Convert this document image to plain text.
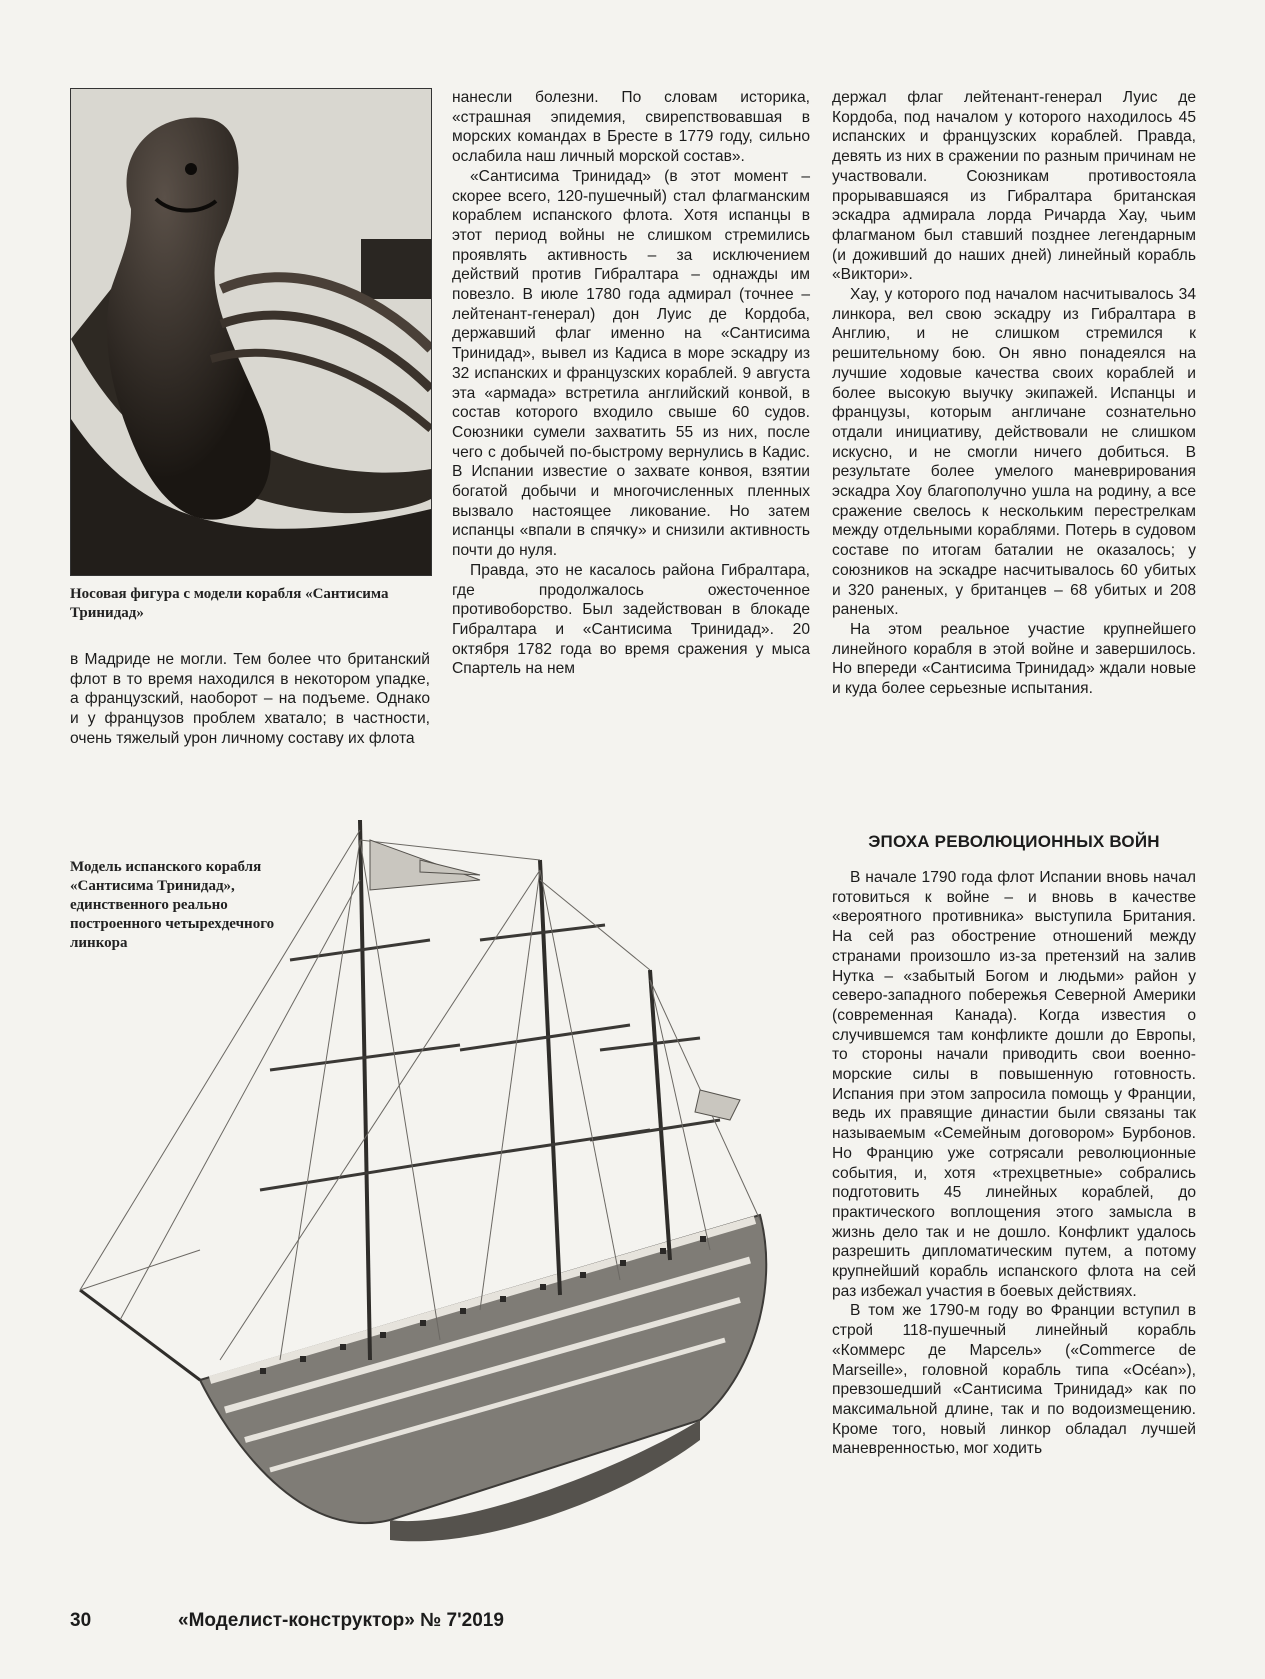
Носовая фигура с модели корабля «Сантисима Тринидад»

в Мадриде не могли. Тем более что британский флот в то время находился в некотором упадке, а французский, наоборот – на подъеме. Однако и у французов проблем хватало; в частности, очень тяжелый урон личному составу их флота

нанесли болезни. По словам историка, «страшная эпидемия, свирепствовавшая в морских командах в Бресте в 1779 году, сильно ослабила наш личный морской состав».

«Сантисима Тринидад» (в этот момент – скорее всего, 120-пушечный) стал флагманским кораблем испанского флота. Хотя испанцы в этот период войны не слишком стремились проявлять активность – за исключением действий против Гибралтара – однажды им повезло. В июле 1780 года адмирал (точнее – лейтенант-генерал) дон Луис де Кордоба, державший флаг именно на «Сантисима Тринидад», вывел из Кадиса в море эскадру из 32 испанских и французских кораблей. 9 августа эта «армада» встретила английский конвой, в состав которого входило свыше 60 судов. Союзники сумели захватить 55 из них, после чего с добычей по-быстрому вернулись в Кадис. В Испании известие о захвате конвоя, взятии богатой добычи и многочисленных пленных вызвало настоящее ликование. Но затем испанцы «впали в спячку» и снизили активность почти до нуля.

Правда, это не касалось района Гибралтара, где продолжалось ожесточенное противоборство. Был задействован в блокаде Гибралтара и «Сантисима Тринидад». 20 октября 1782 года во время сражения у мыса Спартель на нем

держал флаг лейтенант-генерал Луис де Кордоба, под началом у которого находилось 45 испанских и французских кораблей. Правда, девять из них в сражении по разным причинам не участвовали. Союзникам противостояла прорывавшаяся из Гибралтара британская эскадра адмирала лорда Ричарда Хау, чьим флагманом был ставший позднее легендарным (и доживший до наших дней) линейный корабль «Виктори».

Хау, у которого под началом насчитывалось 34 линкора, вел свою эскадру из Гибралтара в Англию, и не слишком стремился к решительному бою. Он явно понадеялся на лучшие ходовые качества своих кораблей и более высокую выучку экипажей. Испанцы и французы, которым англичане сознательно отдали инициативу, действовали не слишком искусно, и не смогли ничего добиться. В результате более умелого маневрирования эскадра Хоу благополучно ушла на родину, а все сражение свелось к нескольким перестрелкам между отдельными кораблями. Потерь в судовом составе по итогам баталии не оказалось; у союзников на эскадре насчитывалось 60 убитых и 320 раненых, у британцев – 68 убитых и 208 раненых.

На этом реальное участие крупнейшего линейного корабля в этой войне и завершилось. Но впереди «Сантисима Тринидад» ждали новые и куда более серьезные испытания.

ЭПОХА РЕВОЛЮЦИОННЫХ ВОЙН

В начале 1790 года флот Испании вновь начал готовиться к войне – и вновь в качестве «вероятного противника» выступила Британия. На сей раз обострение отношений между странами произошло из-за претензий на залив Нутка – «забытый Богом и людьми» район у северо-западного побережья Северной Америки (современная Канада). Когда известия о случившемся там конфликте дошли до Европы, то стороны начали приводить свои военно-морские силы в повышенную готовность. Испания при этом запросила помощь у Франции, ведь их правящие династии были связаны так называемым «Семейным договором» Бурбонов. Но Францию уже сотрясали революционные события, и, хотя «трехцветные» собрались подготовить 45 линейных кораблей, до практического воплощения этого замысла в жизнь дело так и не дошло. Конфликт удалось разрешить дипломатическим путем, а потому крупнейший корабль испанского флота на сей раз избежал участия в боевых действиях.

В том же 1790-м году во Франции вступил в строй 118-пушечный линейный корабль «Коммерс де Марсель» («Commerce de Marseille», головной корабль типа «Océan»), превзошедший «Сантисима Тринидад» как по максимальной длине, так и по водоизмещению. Кроме того, новый линкор обладал лучшей маневренностью, мог ходить

Модель испанского корабля «Сантисима Тринидад», единственного реально построенного четырехдечного линкора
30	«Моделист-конструктор» № 7'2019
